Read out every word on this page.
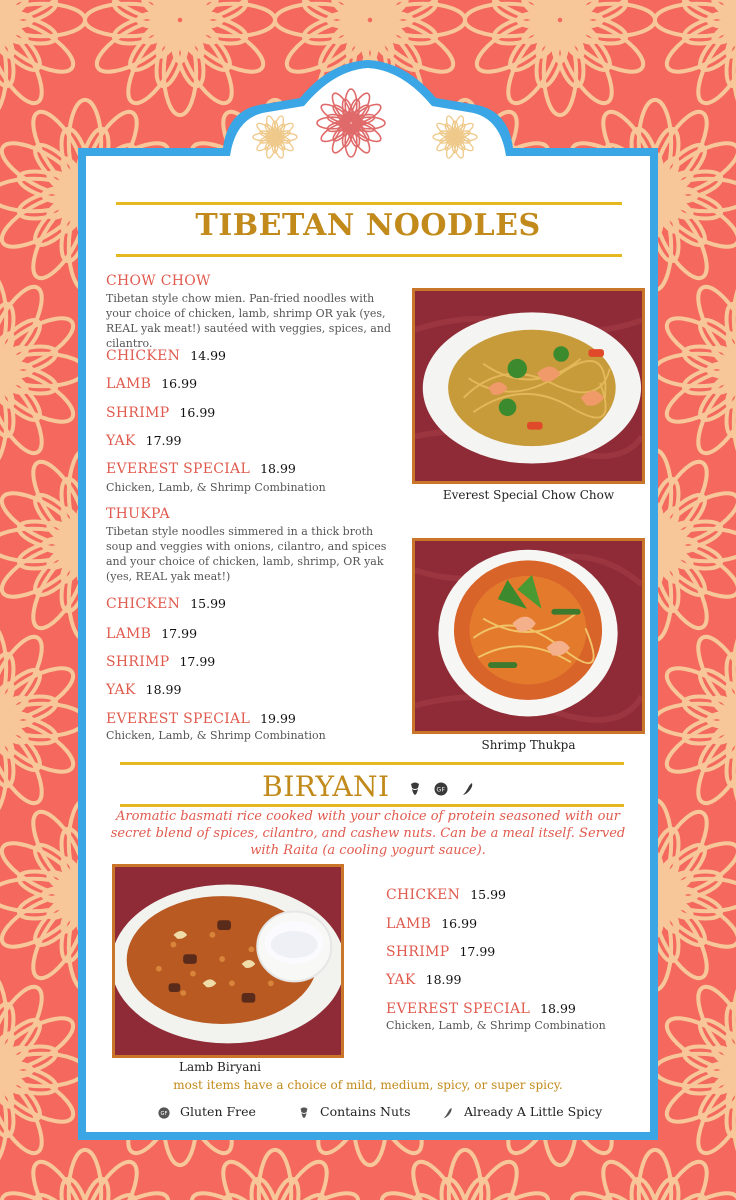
TIBETAN NOODLES
CHOW CHOW
Tibetan style chow mien. Pan-fried noodles with your choice of chicken, lamb, shrimp OR yak (yes, REAL yak meat!) sautéed with veggies, spices, and cilantro.
CHICKEN 14.99
LAMB 16.99
SHRIMP 16.99
YAK 17.99
EVEREST SPECIAL 18.99
Chicken, Lamb, & Shrimp Combination
Everest Special Chow Chow
THUKPA
Tibetan style noodles simmered in a thick broth soup and veggies with onions, cilantro, and spices and your choice of chicken, lamb, shrimp, OR yak (yes, REAL yak meat!)
CHICKEN 15.99
LAMB 17.99
SHRIMP 17.99
YAK 18.99
EVEREST SPECIAL 19.99
Chicken, Lamb, & Shrimp Combination
Shrimp Thukpa
BIRYANI	GF

Aromatic basmati rice cooked with your choice of protein seasoned with our secret blend of spices, cilantro, and cashew nuts. Can be a meal itself. Served with Raita (a cooling yogurt sauce).
Lamb Biryani
CHICKEN 15.99
LAMB 16.99
SHRIMP 17.99
YAK 18.99
EVEREST SPECIAL 18.99
Chicken, Lamb, & Shrimp Combination
most items have a choice of mild, medium, spicy, or super spicy.
GF Gluten Free	Contains Nuts	Already A Little Spicy
